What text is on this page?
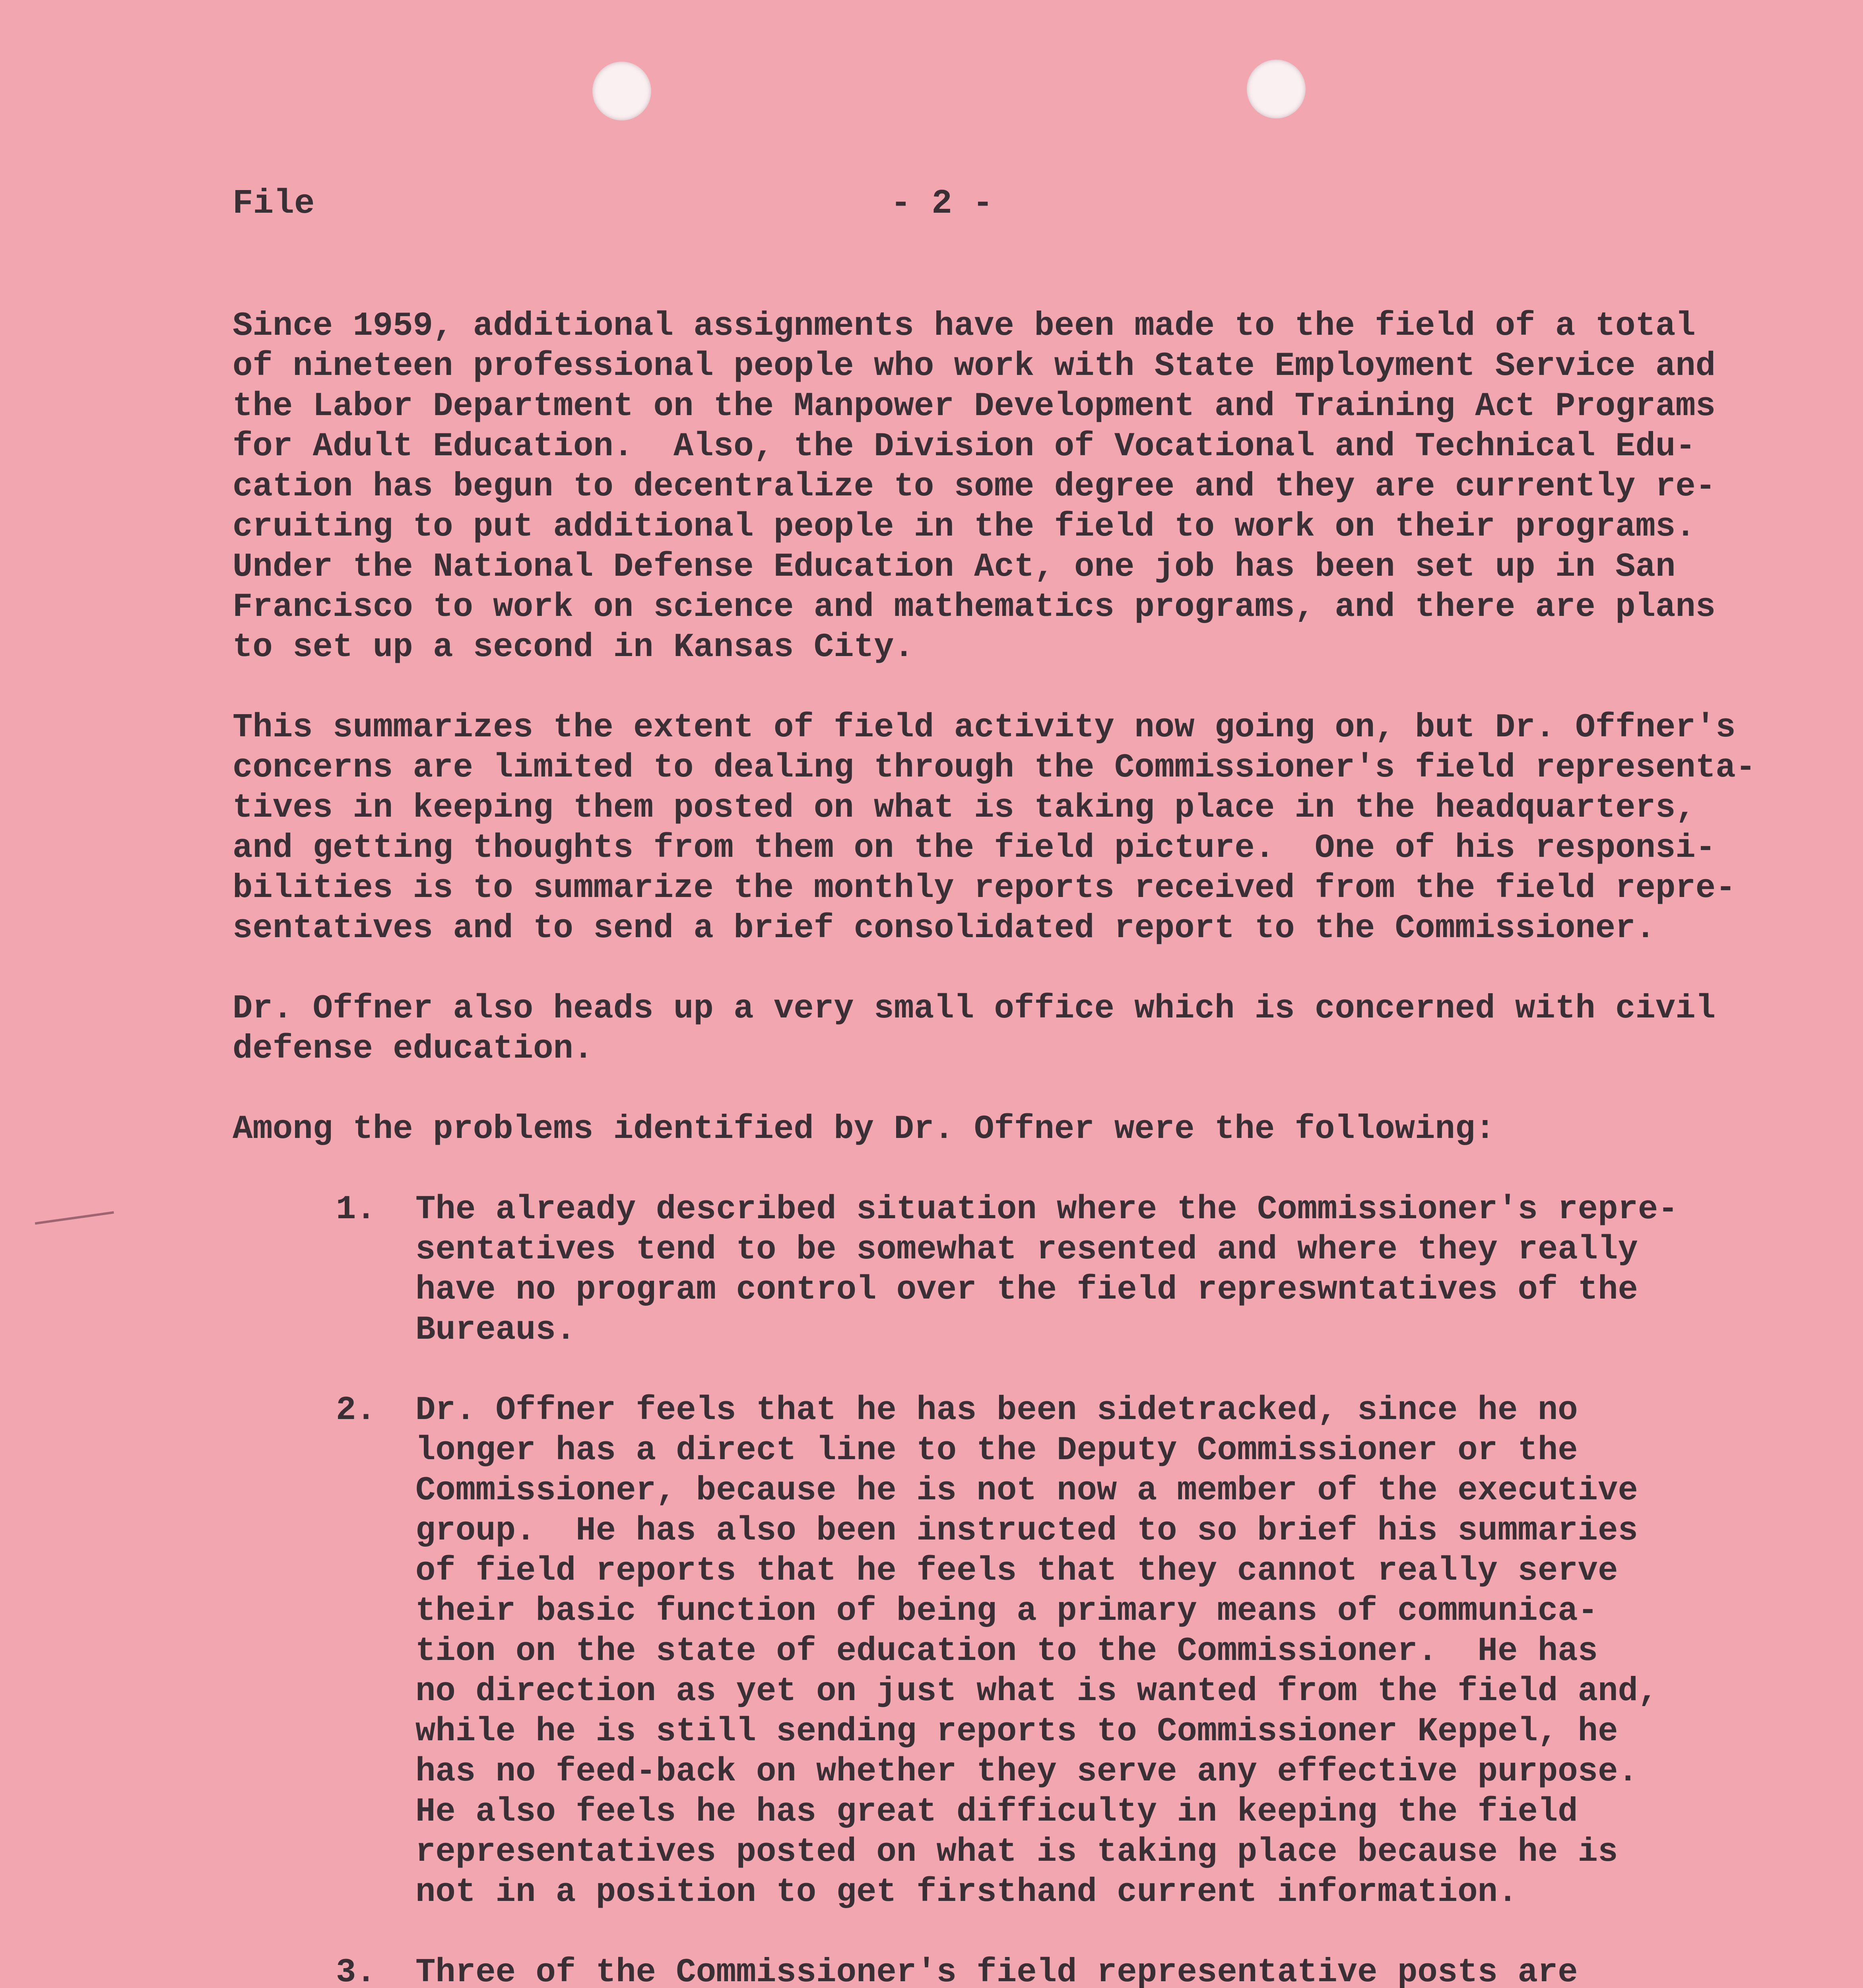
File	- 2 -
Since 1959, additional assignments have been made to the field of a total
of nineteen professional people who work with State Employment Service and
the Labor Department on the Manpower Development and Training Act Programs
for Adult Education.  Also, the Division of Vocational and Technical Edu-
cation has begun to decentralize to some degree and they are currently re-
cruiting to put additional people in the field to work on their programs.
Under the National Defense Education Act, one job has been set up in San
Francisco to work on science and mathematics programs, and there are plans
to set up a second in Kansas City.
This summarizes the extent of field activity now going on, but Dr. Offner's
concerns are limited to dealing through the Commissioner's field representa-
tives in keeping them posted on what is taking place in the headquarters,
and getting thoughts from them on the field picture.  One of his responsi-
bilities is to summarize the monthly reports received from the field repre-
sentatives and to send a brief consolidated report to the Commissioner.
Dr. Offner also heads up a very small office which is concerned with civil
defense education.
Among the problems identified by Dr. Offner were the following:
1. The already described situation where the Commissioner's repre-
sentatives tend to be somewhat resented and where they really
have no program control over the field represwntatives of the
Bureaus.
2. Dr. Offner feels that he has been sidetracked, since he no
longer has a direct line to the Deputy Commissioner or the
Commissioner, because he is not now a member of the executive
group.  He has also been instructed to so brief his summaries
of field reports that he feels that they cannot really serve
their basic function of being a primary means of communica-
tion on the state of education to the Commissioner.  He has
no direction as yet on just what is wanted from the field and,
while he is still sending reports to Commissioner Keppel, he
has no feed-back on whether they serve any effective purpose.
He also feels he has great difficulty in keeping the field
representatives posted on what is taking place because he is
not in a position to get firsthand current information.
3. Three of the Commissioner's field representative posts are
